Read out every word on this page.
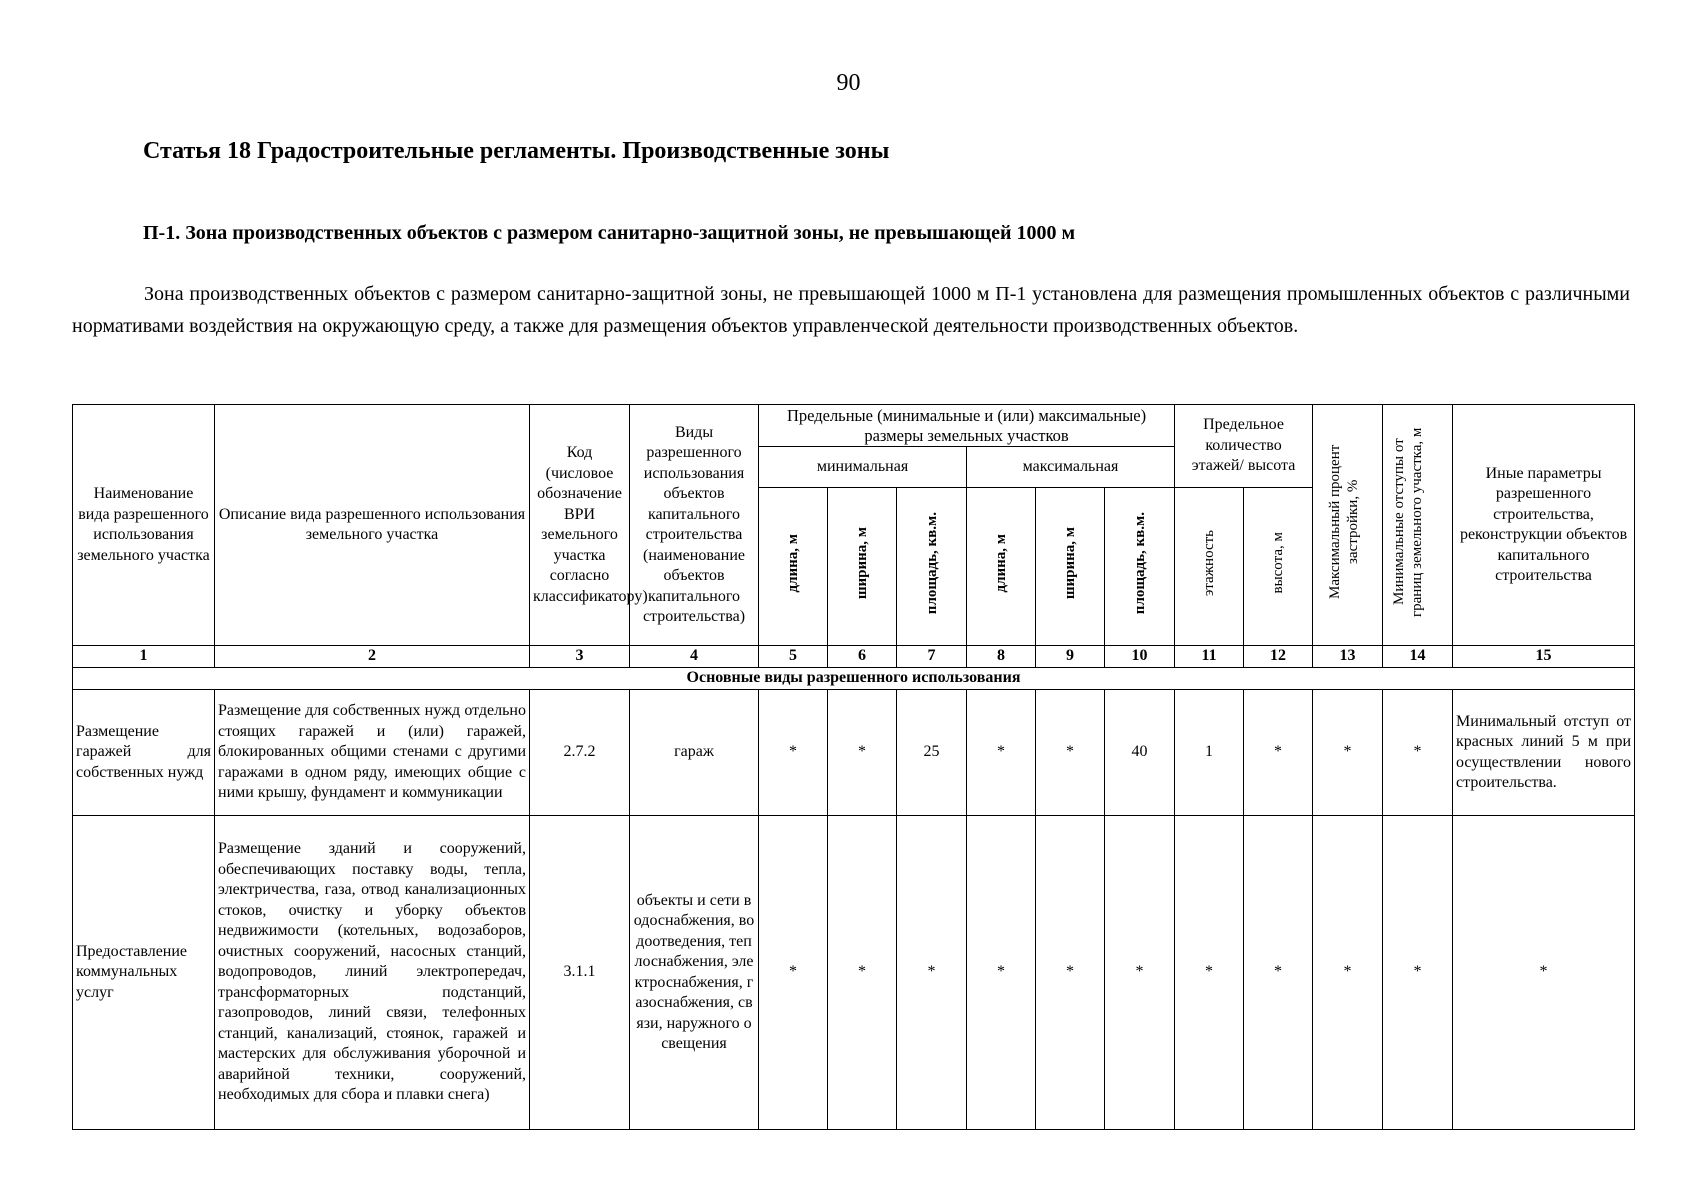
90
Статья 18 Градостроительные регламенты. Производственные зоны
П-1. Зона производственных объектов с размером санитарно-защитной зоны, не превышающей 1000 м
Зона производственных объектов с размером санитарно-защитной зоны, не превышающей 1000 м П-1 установлена для размещения промышленных объектов с различными нормативами воздействия на окружающую среду, а также для размещения объектов управленческой деятельности производственных объектов.
Наименование вида разрешенного использования земельного участка	Описание вида разрешенного использования земельного участка	Код (числовое обозначение ВРИ земельного участка согласно классификатору)	Виды разрешенного использования объектов капитального строительства (наименование объектов капитального строительства)	Предельные (минимальные и (или) максимальные) размеры земельных участков						Предельное количество этажей/ высота		Максимальный процент застройки, %	Минимальные отступы от границ земельного участка, м	Иные параметры разрешенного строительства, реконструкции объектов капитального строительства
				минимальная			максимальная							
				длина, м	ширина, м	площадь, кв.м.	длина, м	ширина, м	площадь, кв.м.	этажность	высота, м			
1	2	3	4	5	6	7	8	9	10	11	12	13	14	15
Основные виды разрешенного использования														
Размещение гаражей для собственных нужд	Размещение для собственных нужд отдельно стоящих гаражей и (или) гаражей, блокированных общими стенами с другими гаражами в одном ряду, имеющих общие с ними крышу, фундамент и коммуникации	2.7.2	гараж	*	*	25	*	*	40	1	*	*	*	Минимальный отступ от красных линий 5 м при осуществлении нового строительства.
Предоставление коммунальных услуг	Размещение зданий и сооружений, обеспечивающих поставку воды, тепла, электричества, газа, отвод канализационных стоков, очистку и уборку объектов недвижимости (котельных, водозаборов, очистных сооружений, насосных станций, водопроводов, линий электропередач, трансформаторных подстанций, газопроводов, линий связи, телефонных станций, канализаций, стоянок, гаражей и мастерских для обслуживания уборочной и аварийной техники, сооружений, необходимых для сбора и плавки снега)	3.1.1	объекты и сети водоснабжения, водоотведения, теплоснабжения, электроснабжения, газоснабжения, связи, наружного освещения	*	*	*	*	*	*	*	*	*	*	*
